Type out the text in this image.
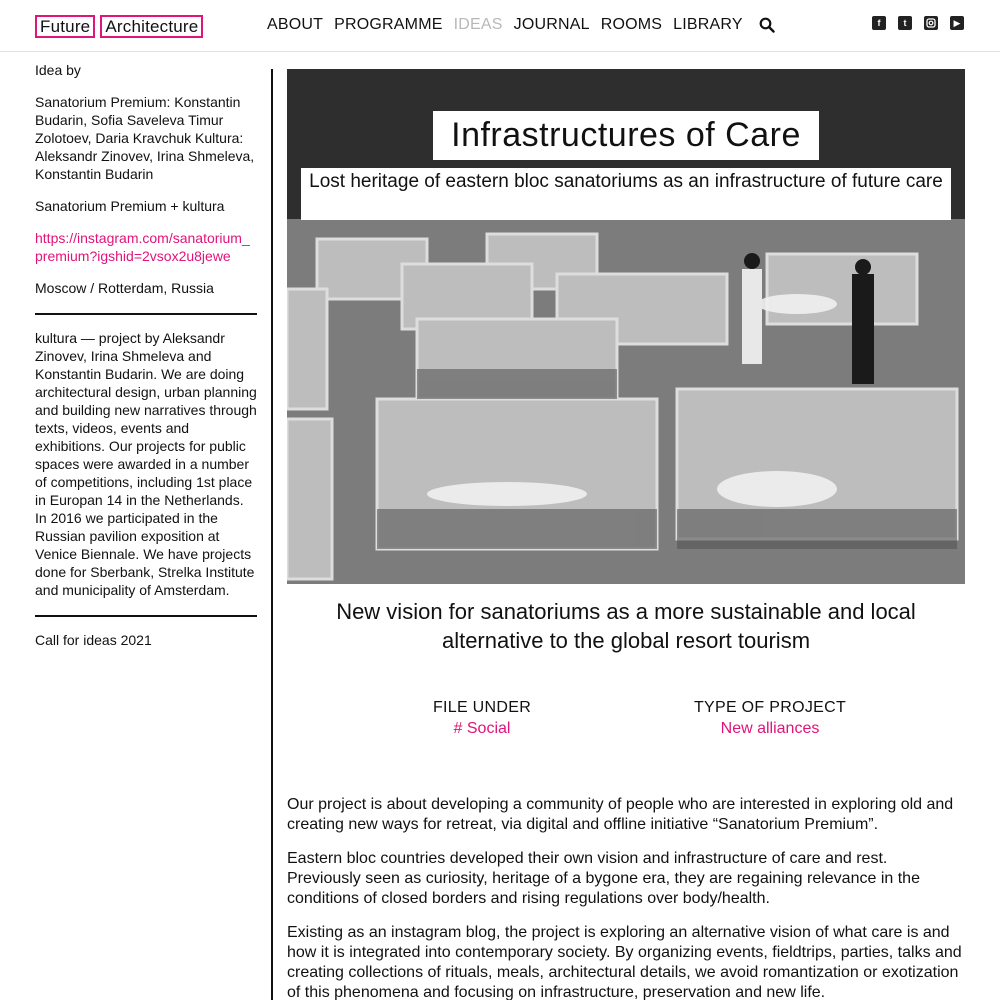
Future Architecture	ABOUT PROGRAMME IDEAS JOURNAL ROOMS LIBRARY	f	t	▶

Idea by

Sanatorium Premium: Konstantin Budarin, Sofia Saveleva Timur Zolotoev, Daria Kravchuk Kultura: Aleksandr Zinovev, Irina Shmeleva, Konstantin Budarin

Sanatorium Premium + kultura

https://instagram.com/sanatorium_premium?igshid=2vsox2u8jewe

Moscow / Rotterdam, Russia

kultura — project by Aleksandr Zinovev, Irina Shmeleva and Konstantin Budarin. We are doing architectural design, urban planning and building new narratives through texts, videos, events and exhibitions. Our projects for public spaces were awarded in a number of competitions, including 1st place in Europan 14 in the Netherlands. In 2016 we participated in the Russian pavilion exposition at Venice Biennale. We have projects done for Sberbank, Strelka Institute and municipality of Amsterdam.

Call for ideas 2021

Infrastructures of Care
Lost heritage of eastern bloc sanatoriums as an infrastructure of future care
New vision for sanatoriums as a more sustainable and local alternative to the global resort tourism
FILE UNDER
# Social
TYPE OF PROJECT
New alliances

Our project is about developing a community of people who are interested in exploring old and creating new ways for retreat, via digital and offline initiative “Sanatorium Premium”.

Eastern bloc countries developed their own vision and infrastructure of care and rest. Previously seen as curiosity, heritage of a bygone era, they are regaining relevance in the conditions of closed borders and rising regulations over body/health.

Existing as an instagram blog, the project is exploring an alternative vision of what care is and how it is integrated into contemporary society. By organizing events, fieldtrips, parties, talks and creating collections of rituals, meals, architectural details, we avoid romantization or exotization of this phenomena and focusing on infrastructure, preservation and new life.
